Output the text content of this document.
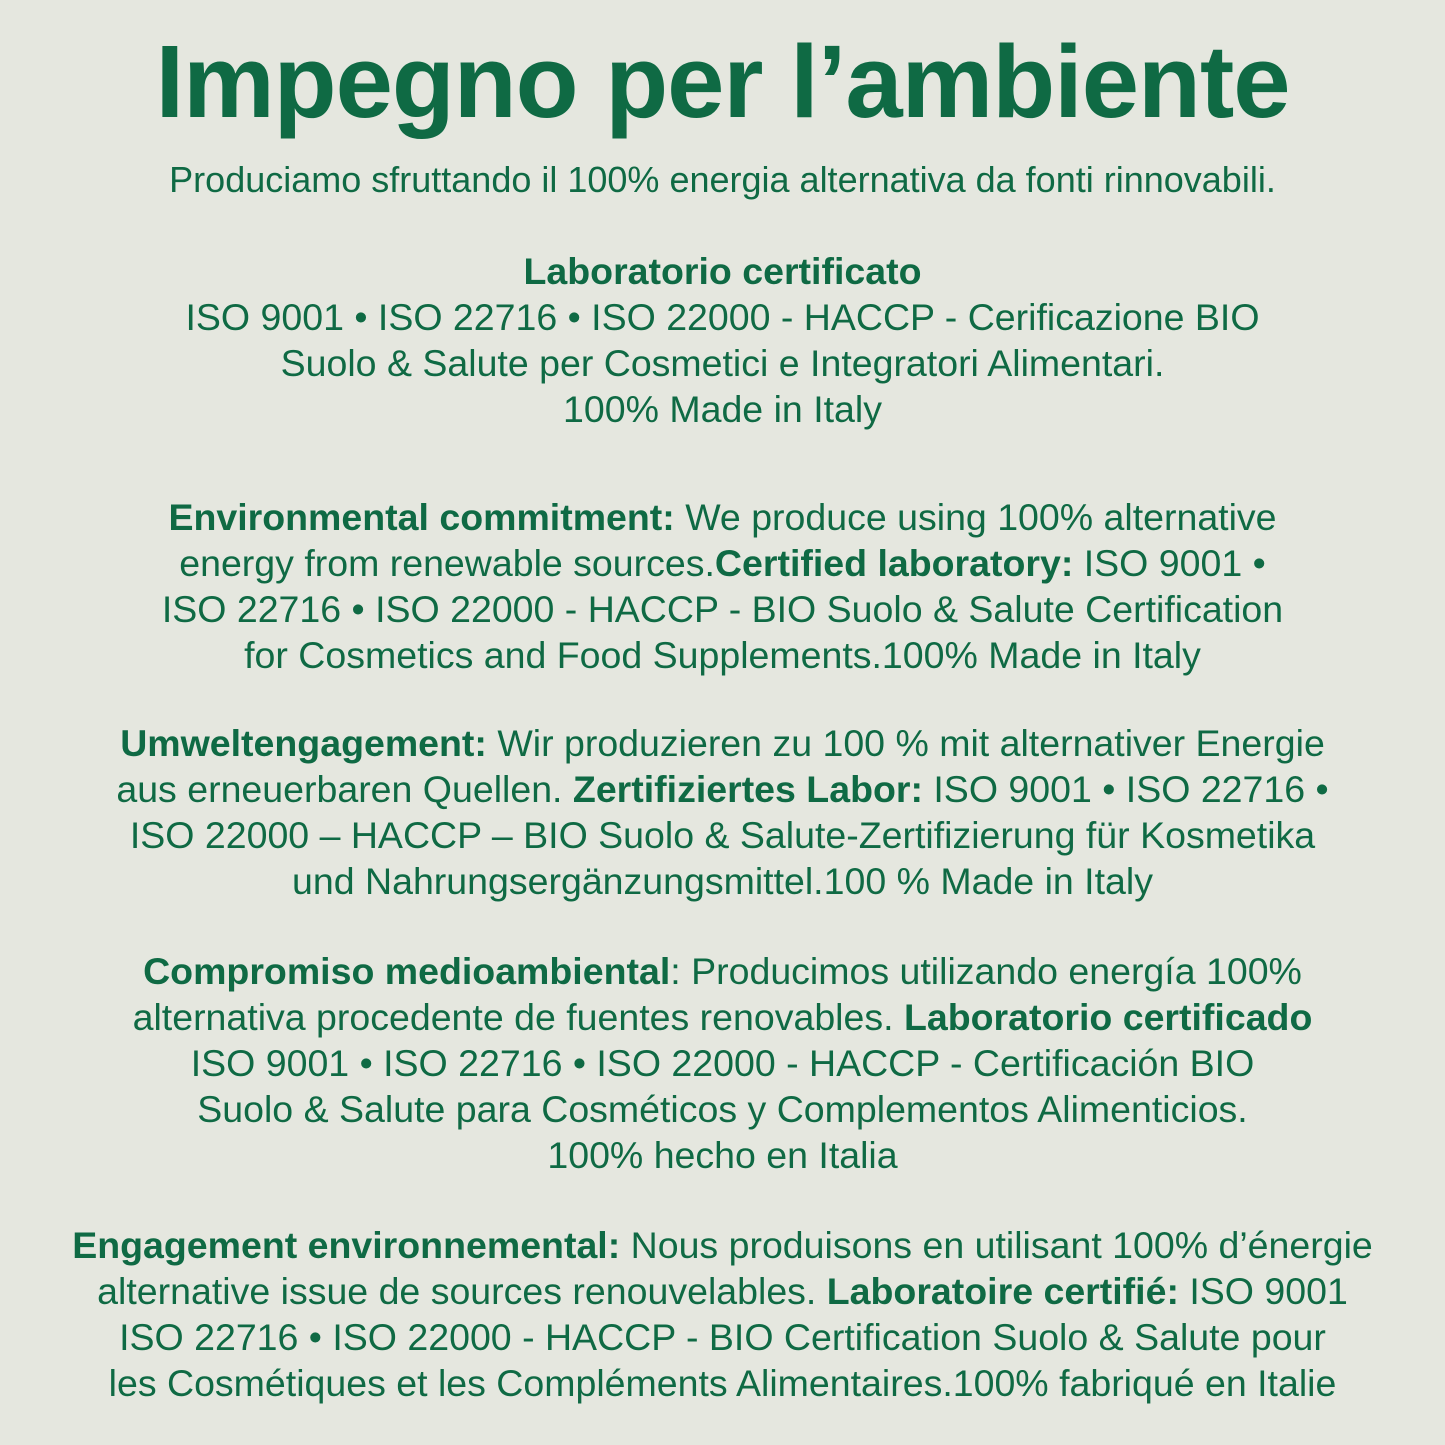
Impegno per l’ambiente
Produciamo sfruttando il 100% energia alternativa da fonti rinnovabili.
Laboratorio certificato
ISO 9001 • ISO 22716 • ISO 22000 - HACCP - Cerificazione BIO
Suolo & Salute per Cosmetici e Integratori Alimentari.
100% Made in Italy
Environmental commitment: We produce using 100% alternative
energy from renewable sources.Certified laboratory: ISO 9001 •
ISO 22716 • ISO 22000 - HACCP - BIO Suolo & Salute Certification
for Cosmetics and Food Supplements.100% Made in Italy
Umweltengagement: Wir produzieren zu 100 % mit alternativer Energie
aus erneuerbaren Quellen. Zertifiziertes Labor: ISO 9001 • ISO 22716 •
ISO 22000 – HACCP – BIO Suolo & Salute-Zertifizierung für Kosmetika
und Nahrungsergänzungsmittel.100 % Made in Italy
Compromiso medioambiental: Producimos utilizando energía 100%
alternativa procedente de fuentes renovables. Laboratorio certificado
ISO 9001 • ISO 22716 • ISO 22000 - HACCP - Certificación BIO
Suolo & Salute para Cosméticos y Complementos Alimenticios.
100% hecho en Italia
Engagement environnemental: Nous produisons en utilisant 100% d’énergie
alternative issue de sources renouvelables. Laboratoire certifié: ISO 9001
ISO 22716 • ISO 22000 - HACCP - BIO Certification Suolo & Salute pour
les Cosmétiques et les Compléments Alimentaires.100% fabriqué en Italie
